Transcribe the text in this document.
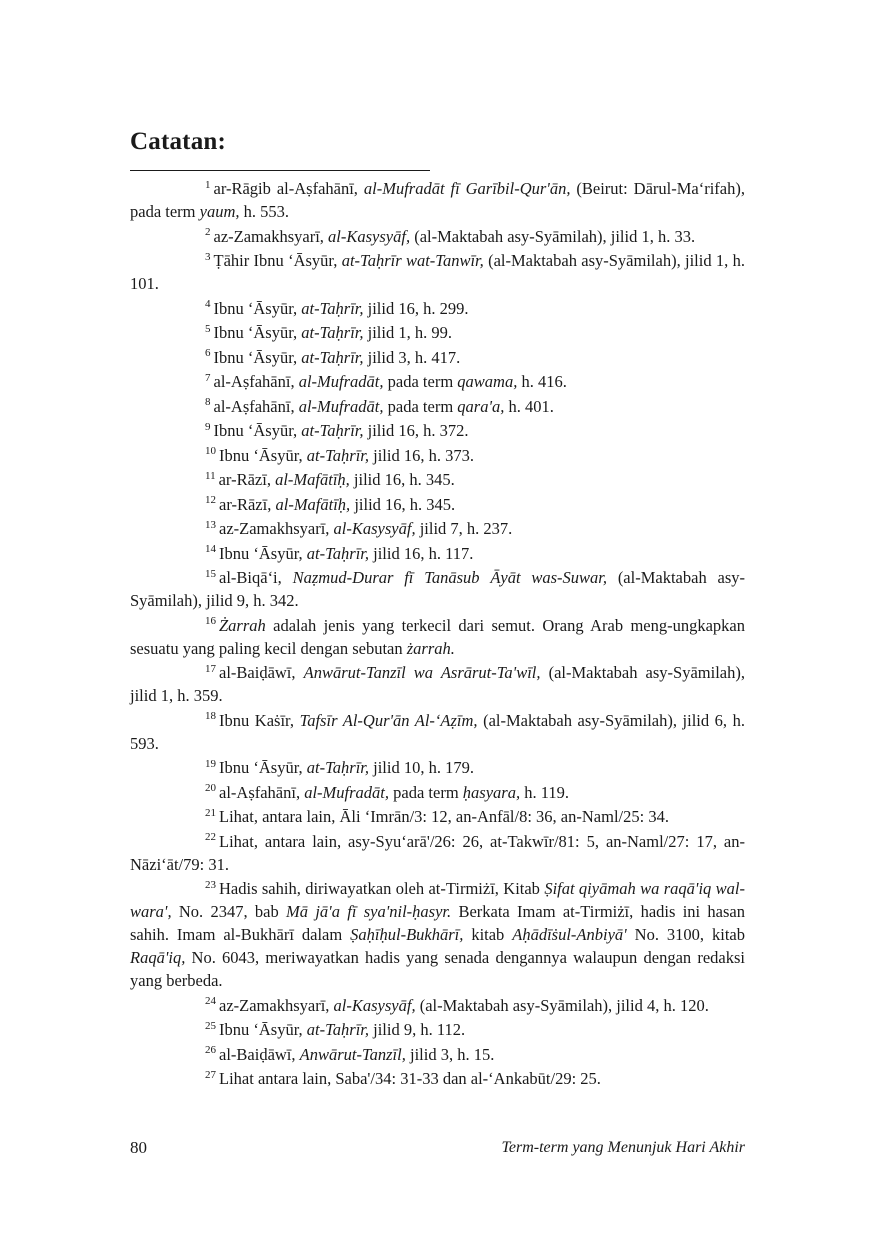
Catatan:

$^1$ ar-Rāgib al-Aṣfahānī, al-Mufradāt fī Garībil-Qur'ān, (Beirut: Dārul-Ma‘rifah), pada term yaum, h. 553.

$^2$ az-Zamakhsyarī, al-Kasysyāf, (al-Maktabah asy-Syāmilah), jilid 1, h. 33.

$^3$ Ṭāhir Ibnu ‘Āsyūr, at-Taḥrīr wat-Tanwīr, (al-Maktabah asy-Syāmilah), jilid 1, h. 101.

$^4$ Ibnu ‘Āsyūr, at-Taḥrīr, jilid 16, h. 299.

$^5$ Ibnu ‘Āsyūr, at-Taḥrīr, jilid 1, h. 99.

$^6$ Ibnu ‘Āsyūr, at-Taḥrīr, jilid 3, h. 417.

$^7$ al-Aṣfahānī, al-Mufradāt, pada term qawama, h. 416.

$^8$ al-Aṣfahānī, al-Mufradāt, pada term qara'a, h. 401.

$^9$ Ibnu ‘Āsyūr, at-Taḥrīr, jilid 16, h. 372.

$^{10}$ Ibnu ‘Āsyūr, at-Taḥrīr, jilid 16, h. 373.

$^{11}$ ar-Rāzī, al-Mafātīḥ, jilid 16, h. 345.

$^{12}$ ar-Rāzī, al-Mafātīḥ, jilid 16, h. 345.

$^{13}$ az-Zamakhsyarī, al-Kasysyāf, jilid 7, h. 237.

$^{14}$ Ibnu ‘Āsyūr, at-Taḥrīr, jilid 16, h. 117.

$^{15}$ al-Biqā‘i, Naẓmud-Durar fī Tanāsub Āyāt was-Suwar, (al-Maktabah asy-Syāmilah), jilid 9, h. 342.

$^{16}$ Żarrah adalah jenis yang terkecil dari semut. Orang Arab meng-ungkapkan sesuatu yang paling kecil dengan sebutan żarrah.

$^{17}$ al-Baiḍāwī, Anwārut-Tanzīl wa Asrārut-Ta'wīl, (al-Maktabah asy-Syāmilah), jilid 1, h. 359.

$^{18}$ Ibnu Kaṡīr, Tafsīr Al-Qur'ān Al-‘Aẓīm, (al-Maktabah asy-Syāmilah), jilid 6, h. 593.

$^{19}$ Ibnu ‘Āsyūr, at-Taḥrīr, jilid 10, h. 179.

$^{20}$ al-Aṣfahānī, al-Mufradāt, pada term ḥasyara, h. 119.

$^{21}$ Lihat, antara lain, Āli ‘Imrān/3: 12, an-Anfāl/8: 36, an-Naml/25: 34.

$^{22}$ Lihat, antara lain, asy-Syu‘arā'/26: 26, at-Takwīr/81: 5, an-Naml/27: 17, an-Nāzi‘āt/79: 31.

$^{23}$ Hadis sahih, diriwayatkan oleh at-Tirmiżī, Kitab Ṣifat qiyāmah wa raqā'iq wal-wara', No. 2347, bab Mā jā'a fī sya'nil-ḥasyr. Berkata Imam at-Tirmiżī, hadis ini hasan sahih. Imam al-Bukhārī dalam Ṣaḥīḥul-Bukhārī, kitab Aḥādīṡul-Anbiyā' No. 3100, kitab Raqā'iq, No. 6043, meriwayatkan hadis yang senada dengannya walaupun dengan redaksi yang berbeda.

$^{24}$ az-Zamakhsyarī, al-Kasysyāf, (al-Maktabah asy-Syāmilah), jilid 4, h. 120.

$^{25}$ Ibnu ‘Āsyūr, at-Taḥrīr, jilid 9, h. 112.

$^{26}$ al-Baiḍāwī, Anwārut-Tanzīl, jilid 3, h. 15.

$^{27}$ Lihat antara lain, Saba'/34: 31-33 dan al-‘Ankabūt/29: 25.

80	Term-term yang Menunjuk Hari Akhir
